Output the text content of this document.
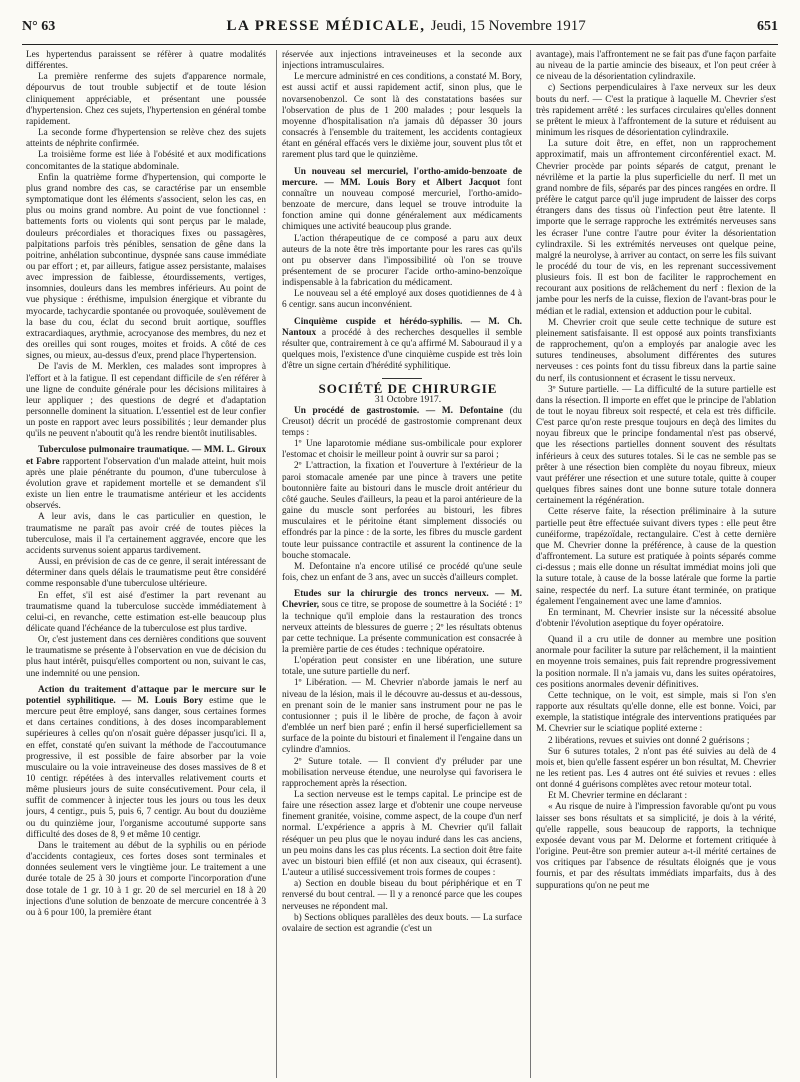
N° 63	LA PRESSE MÉDICALE, Jeudi, 15 Novembre 1917	651

Les hypertendus paraissent se réfèrer à quatre modalités différentes.

La première renferme des sujets d'apparence normale, dépourvus de tout trouble subjectif et de toute lésion cliniquement appréciable, et présentant une poussée d'hypertension. Chez ces sujets, l'hypertension en général tombe rapidement.

La seconde forme d'hypertension se relève chez des sujets atteints de néphrite confirmée.

La troisième forme est liée à l'obésité et aux modifications concomitantes de la statique abdominale.

Enfin la quatrième forme d'hypertension, qui comporte le plus grand nombre des cas, se caractérise par un ensemble symptomatique dont les éléments s'associent, selon les cas, en plus ou moins grand nombre. Au point de vue fonctionnel : battements forts ou violents qui sont perçus par le malade, douleurs précordiales et thoraciques fixes ou passagères, palpitations parfois très pénibles, sensation de gêne dans la poitrine, anhélation subcontinue, dyspnée sans cause immédiate ou par effort ; et, par ailleurs, fatigue assez persistante, malaises avec impression de faiblesse, étourdissements, vertiges, insomnies, douleurs dans les membres inférieurs. Au point de vue physique : éréthisme, impulsion énergique et vibrante du myocarde, tachycardie spontanée ou provoquée, soulèvement de la base du cou, éclat du second bruit aortique, souffles extracardiaques, arythmie, acrocyanose des membres, du nez et des oreilles qui sont rouges, moites et froids. A côté de ces signes, ou mieux, au-dessus d'eux, prend place l'hypertension.

De l'avis de M. Merklen, ces malades sont impropres à l'effort et à la fatigue. Il est cependant difficile de s'en référer à une ligne de conduite générale pour les décisions militaires à leur appliquer ; des questions de degré et d'adaptation personnelle dominent la situation. L'essentiel est de leur confier un poste en rapport avec leurs possibilités ; leur demander plus qu'ils ne peuvent n'aboutit qu'à les rendre bientôt inutilisables.

Tuberculose pulmonaire traumatique. — MM. L. Giroux et Fabre rapportent l'observation d'un malade atteint, huit mois après une plaie pénétrante du poumon, d'une tuberculose à évolution grave et rapidement mortelle et se demandent s'il existe un lien entre le traumatisme antérieur et les accidents observés.

A leur avis, dans le cas particulier en question, le traumatisme ne paraît pas avoir créé de toutes pièces la tuberculose, mais il l'a certainement aggravée, encore que les accidents survenus soient apparus tardivement.

Aussi, en prévision de cas de ce genre, il serait intéressant de déterminer dans quels délais le traumatisme peut être considéré comme responsable d'une tuberculose ultérieure.

En effet, s'il est aisé d'estimer la part revenant au traumatisme quand la tuberculose succède immédiatement à celui-ci, en revanche, cette estimation est-elle beaucoup plus délicate quand l'échéance de la tuberculose est plus tardive.

Or, c'est justement dans ces dernières conditions que souvent le traumatisme se présente à l'observation en vue de décision du plus haut intérêt, puisqu'elles comportent ou non, suivant le cas, une indemnité ou une pension.

Action du traitement d'attaque par le mercure sur le potentiel syphilitique. — M. Louis Bory estime que le mercure peut être employé, sans danger, sous certaines formes et dans certaines conditions, à des doses incomparablement supérieures à celles qu'on n'osait guère dépasser jusqu'ici. Il a, en effet, constaté qu'en suivant la méthode de l'accoutumance progressive, il est possible de faire absorber par la voie musculaire ou la voie intraveineuse des doses massives de 8 et 10 centigr. répétées à des intervalles relativement courts et même plusieurs jours de suite consécutivement. Pour cela, il suffit de commencer à injecter tous les jours ou tous les deux jours, 4 centigr., puis 5, puis 6, 7 centigr. Au bout du douzième ou du quinzième jour, l'organisme accoutumé supporte sans difficulté des doses de 8, 9 et même 10 centigr.

Dans le traitement au début de la syphilis ou en période d'accidents contagieux, ces fortes doses sont terminales et données seulement vers le vingtième jour. Le traitement a une durée totale de 25 à 30 jours et comporte l'incorporation d'une dose totale de 1 gr. 10 à 1 gr. 20 de sel mercuriel en 18 à 20 injections d'une solution de benzoate de mercure concentrée à 3 ou à 6 pour 100, la première étant

réservée aux injections intraveineuses et la seconde aux injections intramusculaires.

Le mercure administré en ces conditions, a constaté M. Bory, est aussi actif et aussi rapidement actif, sinon plus, que le novarsenobenzol. Ce sont là des constatations basées sur l'observation de plus de 1 200 malades ; pour lesquels la moyenne d'hospitalisation n'a jamais dû dépasser 30 jours consacrés à l'ensemble du traitement, les accidents contagieux étant en général effacés vers le dixième jour, souvent plus tôt et rarement plus tard que le quinzième.

Un nouveau sel mercuriel, l'ortho-amido-benzoate de mercure. — MM. Louis Bory et Albert Jacquot font connaître un nouveau composé mercuriel, l'ortho-amido-benzoate de mercure, dans lequel se trouve introduite la fonction amine qui donne généralement aux médicaments chimiques une activité beaucoup plus grande.

L'action thérapeutique de ce composé a paru aux deux auteurs de la note être très importante pour les rares cas qu'ils ont pu observer dans l'impossibilité où l'on se trouve présentement de se procurer l'acide ortho-amino-benzoïque indispensable à la fabrication du médicament.

Le nouveau sel a été employé aux doses quotidiennes de 4 à 6 centigr. sans aucun inconvénient.

Cinquième cuspide et hérédo-syphilis. — M. Ch. Nantoux a procédé à des recherches desquelles il semble résulter que, contrairement à ce qu'a affirmé M. Sabouraud il y a quelques mois, l'existence d'une cinquième cuspide est très loin d'être un signe certain d'hérédité syphilitique.

SOCIÉTÉ DE CHIRURGIE

31 Octobre 1917.

Un procédé de gastrostomie. — M. Defontaine (du Creusot) décrit un procédé de gastrostomie comprenant deux temps :

1º Une laparotomie médiane sus-ombilicale pour explorer l'estomac et choisir le meilleur point à ouvrir sur sa paroi ;

2º L'attraction, la fixation et l'ouverture à l'extérieur de la paroi stomacale amenée par une pince à travers une petite boutonnière faite au bistouri dans le muscle droit antérieur du côté gauche. Seules d'ailleurs, la peau et la paroi antérieure de la gaine du muscle sont perforées au bistouri, les fibres musculaires et le péritoine étant simplement dissociés ou effondrés par la pince : de la sorte, les fibres du muscle gardent toute leur puissance contractile et assurent la continence de la bouche stomacale.

M. Defontaine n'a encore utilisé ce procédé qu'une seule fois, chez un enfant de 3 ans, avec un succès d'ailleurs complet.

Etudes sur la chirurgie des troncs nerveux. — M. Chevrier, sous ce titre, se propose de soumettre à la Société : 1º la technique qu'il emploie dans la restauration des troncs nerveux atteints de blessures de guerre ; 2º les résultats obtenus par cette technique. La présente communication est consacrée à la première partie de ces études : technique opératoire.

L'opération peut consister en une libération, une suture totale, une suture partielle du nerf.

1º Libération. — M. Chevrier n'aborde jamais le nerf au niveau de la lésion, mais il le découvre au-dessus et au-dessous, en prenant soin de le manier sans instrument pour ne pas le contusionner ; puis il le libère de proche, de façon à avoir d'emblée un nerf bien paré ; enfin il hersé superficiellement sa surface de la pointe du bistouri et finalement il l'engaine dans un cylindre d'amnios.

2º Suture totale. — Il convient d'y préluder par une mobilisation nerveuse étendue, une neurolyse qui favorisera le rapprochement après la résection.

La section nerveuse est le temps capital. Le principe est de faire une résection assez large et d'obtenir une coupe nerveuse finement granitée, voisine, comme aspect, de la coupe d'un nerf normal. L'expérience a appris à M. Chevrier qu'il fallait réséquer un peu plus que le noyau induré dans les cas anciens, un peu moins dans les cas plus récents. La section doit être faite avec un bistouri bien effilé (et non aux ciseaux, qui écrasent). L'auteur a utilisé successivement trois formes de coupes :

a) Section en double biseau du bout périphérique et en T renversé du bout central. — Il y a renoncé parce que les coupes nerveuses ne répondent mal.

b) Sections obliques parallèles des deux bouts. — La surface ovalaire de section est agrandie (c'est un

avantage), mais l'affrontement ne se fait pas d'une façon parfaite au niveau de la partie amincie des biseaux, et l'on peut créer à ce niveau de la désorientation cylindraxile.

c) Sections perpendiculaires à l'axe nerveux sur les deux bouts du nerf. — C'est la pratique à laquelle M. Chevrier s'est très rapidement arrêté : les surfaces circulaires qu'elles donnent se prêtent le mieux à l'affrontement de la suture et réduisent au minimum les risques de désorientation cylindraxile.

La suture doit être, en effet, non un rapprochement approximatif, mais un affrontement circonférentiel exact. M. Chevrier procède par points séparés de catgut, prenant le névrilème et la partie la plus superficielle du nerf. Il met un grand nombre de fils, séparés par des pinces rangées en ordre. Il préfère le catgut parce qu'il juge imprudent de laisser des corps étrangers dans des tissus où l'infection peut être latente. Il importe que le serrage rapproche les extrémités nerveuses sans les écraser l'une contre l'autre pour éviter la désorientation cylindraxile. Si les extrémités nerveuses ont quelque peine, malgré la neurolyse, à arriver au contact, on serre les fils suivant le procédé du tour de vis, en les reprenant successivement plusieurs fois. Il est bon de faciliter le rapprochement en recourant aux positions de relâchement du nerf : flexion de la jambe pour les nerfs de la cuisse, flexion de l'avant-bras pour le médian et le radial, extension et adduction pour le cubital.

M. Chevrier croit que seule cette technique de suture est pleinement satisfaisante. Il est opposé aux points transfixiants de rapprochement, qu'on a employés par analogie avec les sutures tendineuses, absolument différentes des sutures nerveuses : ces points font du tissu fibreux dans la partie saine du nerf, ils contusionnent et écrasent le tissu nerveux.

3º Suture partielle. — La difficulté de la suture partielle est dans la résection. Il importe en effet que le principe de l'ablation de tout le noyau fibreux soit respecté, et cela est très difficile. C'est parce qu'on reste presque toujours en deçà des limites du noyau fibreux que le principe fondamental n'est pas observé, que les résections partielles donnent souvent des résultats inférieurs à ceux des sutures totales. Si le cas ne semble pas se prêter à une résection bien complète du noyau fibreux, mieux vaut préférer une résection et une suture totale, quitte à couper quelques fibres saines dont une bonne suture totale donnera certainement la régénération.

Cette réserve faite, la résection préliminaire à la suture partielle peut être effectuée suivant divers types : elle peut être cunéiforme, trapézoïdale, rectangulaire. C'est à cette dernière que M. Chevrier donne la préférence, à cause de la question d'affrontement. La suture est pratiquée à points séparés comme ci-dessus ; mais elle donne un résultat immédiat moins joli que la suture totale, à cause de la bosse latérale que forme la partie saine, respectée du nerf. La suture étant terminée, on pratique également l'engainement avec une lame d'amnios.

En terminant, M. Chevrier insiste sur la nécessité absolue d'obtenir l'évolution aseptique du foyer opératoire.

Quand il a cru utile de donner au membre une position anormale pour faciliter la suture par relâchement, il la maintient en moyenne trois semaines, puis fait reprendre progressivement la position normale. Il n'a jamais vu, dans les suites opératoires, ces positions anormales devenir définitives.

Cette technique, on le voit, est simple, mais si l'on s'en rapporte aux résultats qu'elle donne, elle est bonne. Voici, par exemple, la statistique intégrale des interventions pratiquées par M. Chevrier sur le sciatique poplité externe :

2 libérations, revues et suivies ont donné 2 guérisons ;

Sur 6 sutures totales, 2 n'ont pas été suivies au delà de 4 mois et, bien qu'elle fassent espérer un bon résultat, M. Chevrier ne les retient pas. Les 4 autres ont été suivies et revues : elles ont donné 4 guérisons complètes avec retour moteur total.

Et M. Chevrier termine en déclarant :

« Au risque de nuire à l'impression favorable qu'ont pu vous laisser ses bons résultats et sa simplicité, je dois à la vérité, qu'elle rappelle, sous beaucoup de rapports, la technique exposée devant vous par M. Delorme et fortement critiquée à l'origine. Peut-être son premier auteur a-t-il mérité certaines de vos critiques par l'absence de résultats éloignés que je vous fournis, et par des résultats immédiats imparfaits, dus à des suppurations qu'on ne peut me
